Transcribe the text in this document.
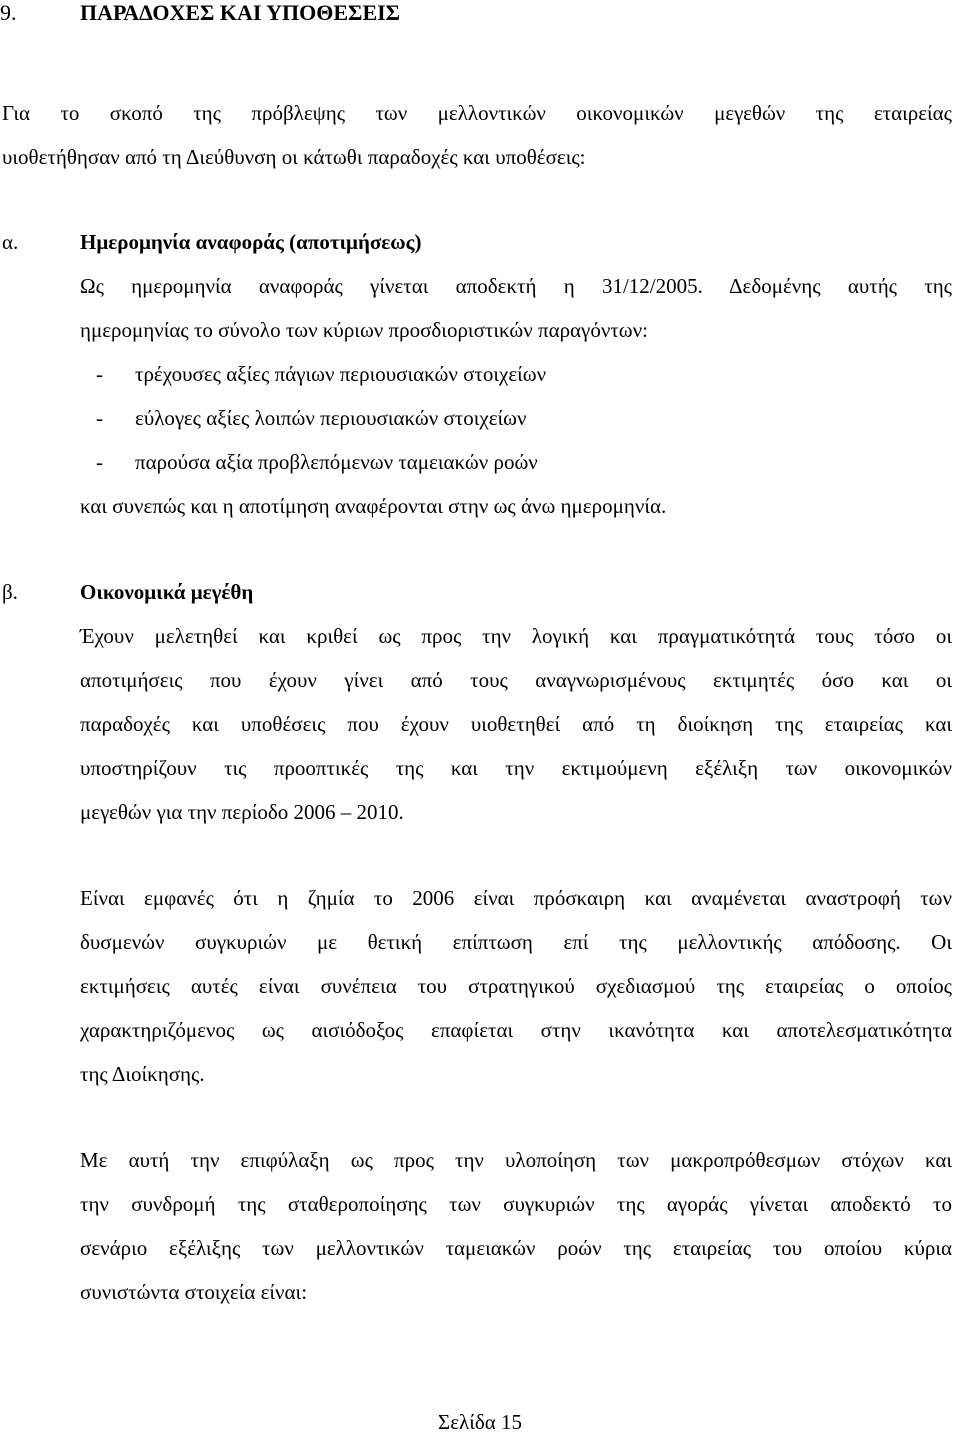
9.	ΠΑΡΑΔΟΧΕΣ ΚΑΙ ΥΠΟΘΕΣΕΙΣ
Για το σκοπό της πρόβλεψης των μελλοντικών οικονομικών μεγεθών της εταιρείας
υιοθετήθησαν από τη Διεύθυνση οι κάτωθι παραδοχές και υποθέσεις:
α.	Ημερομηνία αναφοράς (αποτιμήσεως)
Ως ημερομηνία αναφοράς γίνεται αποδεκτή η 31/12/2005. Δεδομένης αυτής της
ημερομηνίας το σύνολο των κύριων προσδιοριστικών παραγόντων:
- τρέχουσες αξίες πάγιων περιουσιακών στοιχείων
- εύλογες αξίες λοιπών περιουσιακών στοιχείων
- παρούσα αξία προβλεπόμενων ταμειακών ροών
και συνεπώς και η αποτίμηση αναφέρονται στην ως άνω ημερομηνία.
β.	Οικονομικά μεγέθη
Έχουν μελετηθεί και κριθεί ως προς την λογική και πραγματικότητά τους τόσο οι
αποτιμήσεις που έχουν γίνει από τους αναγνωρισμένους εκτιμητές όσο και οι
παραδοχές και υποθέσεις που έχουν υιοθετηθεί από τη διοίκηση της εταιρείας και
υποστηρίζουν τις προοπτικές της και την εκτιμούμενη εξέλιξη των οικονομικών
μεγεθών για την περίοδο 2006 – 2010.
Είναι εμφανές ότι η ζημία το 2006 είναι πρόσκαιρη και αναμένεται αναστροφή των
δυσμενών συγκυριών με θετική επίπτωση επί της μελλοντικής απόδοσης. Οι
εκτιμήσεις αυτές είναι συνέπεια του στρατηγικού σχεδιασμού της εταιρείας ο οποίος
χαρακτηριζόμενος ως αισιόδοξος επαφίεται στην ικανότητα και αποτελεσματικότητα
της Διοίκησης.
Με αυτή την επιφύλαξη ως προς την υλοποίηση των μακροπρόθεσμων στόχων και
την συνδρομή της σταθεροποίησης των συγκυριών της αγοράς γίνεται αποδεκτό το
σενάριο εξέλιξης των μελλοντικών ταμειακών ροών της εταιρείας του οποίου κύρια
συνιστώντα στοιχεία είναι:
Σελίδα 15
